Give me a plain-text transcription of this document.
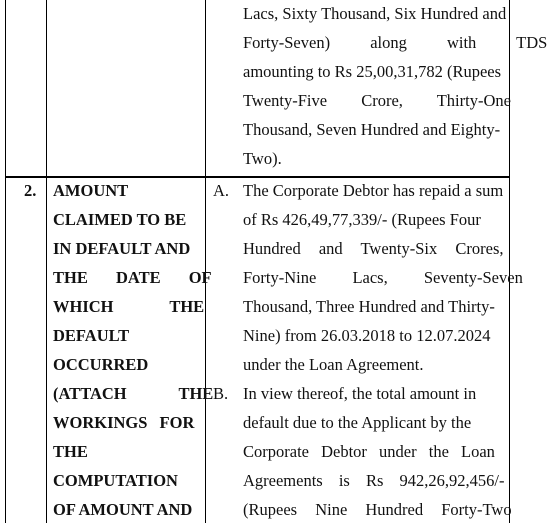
Lacs, Sixty Thousand, Six Hundred and
Forty-Seven) along with TDS
amounting to Rs 25,00,31,782 (Rupees
Twenty-Five Crore, Thirty-One
Thousand, Seven Hundred and Eighty-
Two).
2. AMOUNT
CLAIMED TO BE
IN DEFAULT AND
THE DATE OF
WHICH THE
DEFAULT
OCCURRED
(ATTACH THE
WORKINGS FOR
THE
COMPUTATION
OF AMOUNT AND
A. The Corporate Debtor has repaid a sum
of Rs 426,49,77,339/- (Rupees Four
Hundred and Twenty-Six Crores,
Forty-Nine Lacs, Seventy-Seven
Thousand, Three Hundred and Thirty-
Nine) from 26.03.2018 to 12.07.2024
under the Loan Agreement.
B. In view thereof, the total amount in
default due to the Applicant by the
Corporate Debtor under the Loan
Agreements is Rs 942,26,92,456/-
(Rupees Nine Hundred Forty-Two
